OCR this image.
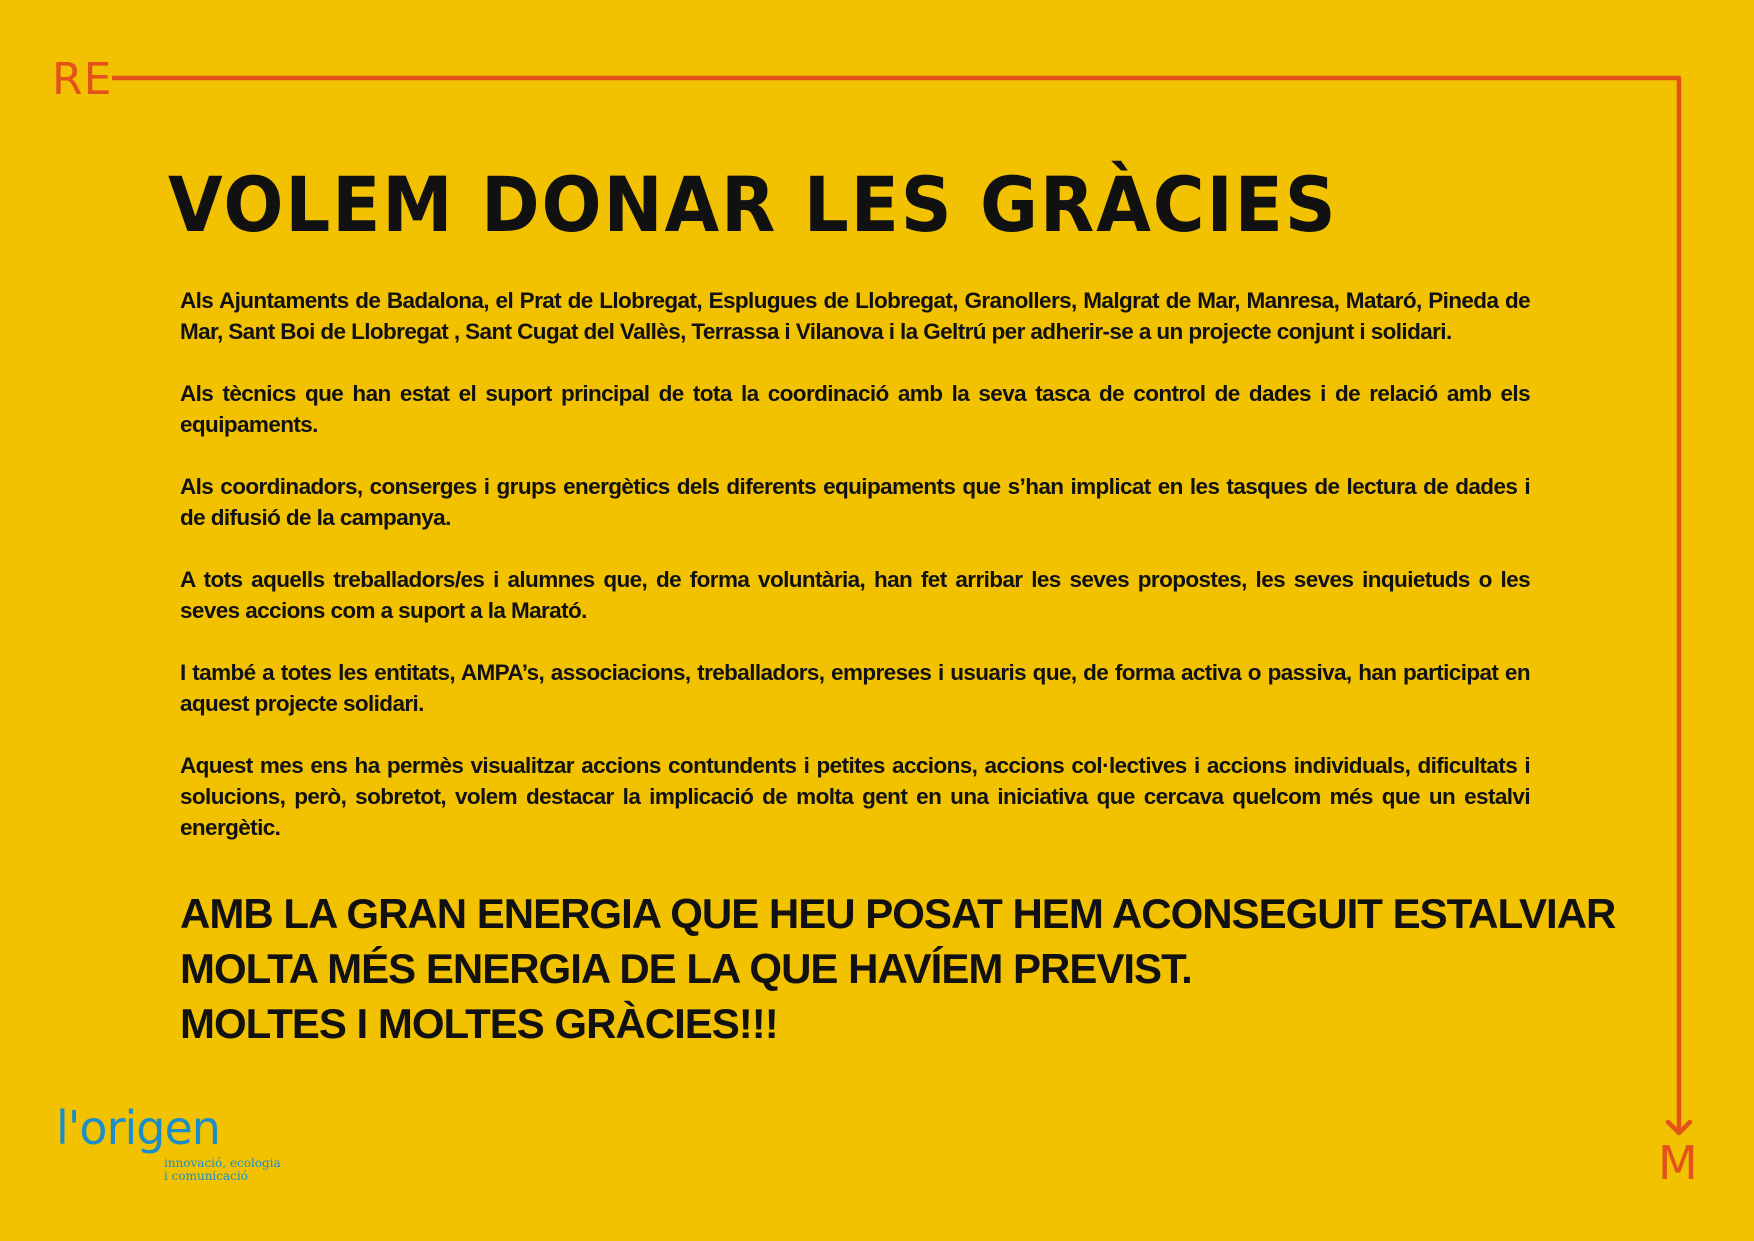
RE
M
VOLEM DONAR LES GRÀCIES

Als Ajuntaments de Badalona, el Prat de Llobregat, Esplugues de Llobregat, Granollers, Malgrat de Mar, Manresa, Mataró, Pineda de Mar, Sant Boi de Llobregat , Sant Cugat del Vallès, Terrassa i Vilanova i la Geltrú per adherir-se a un projecte conjunt i solidari.

Als tècnics que han estat el suport principal de tota la coordinació amb la seva tasca de control de dades i de relació amb els equipaments.

Als coordinadors, conserges i grups energètics dels diferents equipaments que s’han implicat en les tasques de lectura de dades i de difusió de la campanya.

A tots aquells treballadors/es i alumnes que, de forma voluntària, han fet arribar les seves propostes, les seves inquietuds o les seves accions com a suport a la Marató.

I també a totes les entitats, AMPA’s, associacions, treballadors, empreses i usuaris que, de forma activa o passiva, han participat en aquest projecte solidari.

Aquest mes ens ha permès visualitzar accions contundents i petites accions, accions col·lectives i accions individuals, dificultats i solucions, però, sobretot, volem destacar la implicació de molta gent en una iniciativa que cercava quelcom més que un estalvi energètic.

AMB LA GRAN ENERGIA QUE HEU POSAT HEM ACONSEGUIT ESTALVIAR
MOLTA MÉS ENERGIA DE LA QUE HAVÍEM PREVIST.
MOLTES I MOLTES GRÀCIES!!!
l'origen
innovació, ecologia
i comunicació
